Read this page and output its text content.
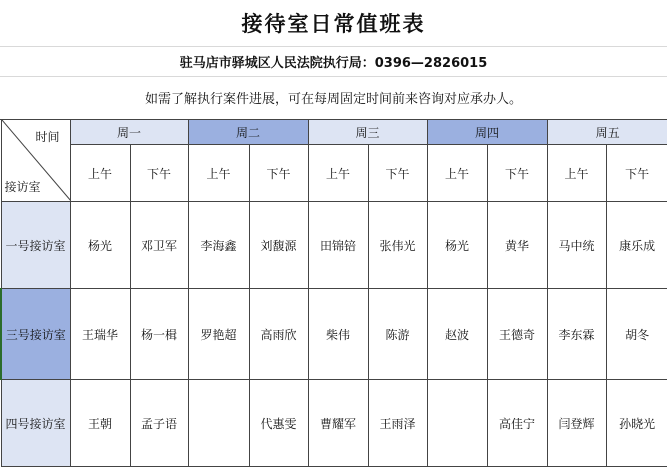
接待室日常值班表
驻马店市驿城区人民法院执行局：0396—2826015
如需了解执行案件进展，可在每周固定时间前来咨询对应承办人。
时间
接访室	周一		周二		周三		周四		周五	
	上午	下午	上午	下午	上午	下午	上午	下午	上午	下午
一号接访室	杨光	邓卫军	李海鑫	刘馥源	田锦锫	张伟光	杨光	黄华	马中统	康乐成
三号接访室	王瑞华	杨一楫	罗艳超	高雨欣	柴伟	陈游	赵波	王德奇	李东霖	胡冬
四号接访室	王朝	孟子语		代惠雯	曹耀军	王雨泽		高佳宁	闫登辉	孙晓光
